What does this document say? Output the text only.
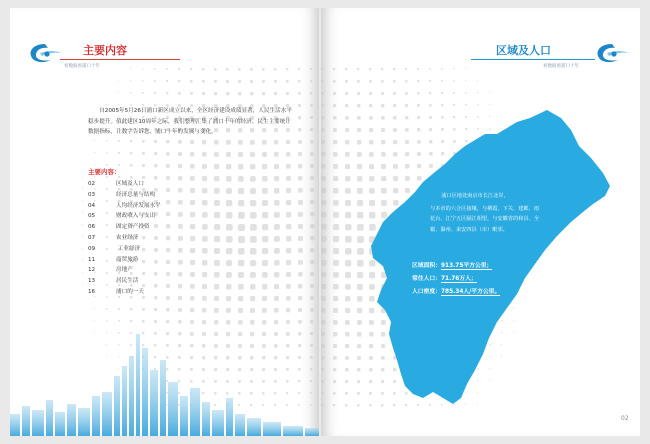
主要内容
看数据看浦口十年
自2005年5月26日浦口新区成立以来，全区经济建设成绩显著，人民生活水平稳步提升。值此建区10周年之际，我们整理汇集了浦口十年的经济、民生主要统计数据指标，让数字告诉您，浦口十年的发展与变化。
主要内容：
02	区域及人口
03	经济总量与结构
04	人均经济发展水平
05	财政收入与支出
06	固定资产投资
07	农业经济
09	工业经济
11	商贸旅游
12	房地产
13	居民生活
16	浦口的一天
区域及人口
看数据看浦口十年
浦口区地处南京市长江北岸，
与本市的六合区接壤，与栖霞、下关、建邺、雨花台、江宁五区隔江相望，与安徽省的和县、全椒、滁州、来安四县（市）毗邻。
区域面积：913.75平方公里；
常住人口：71.76万人；
人口密度：785.34人/平方公里。
02
